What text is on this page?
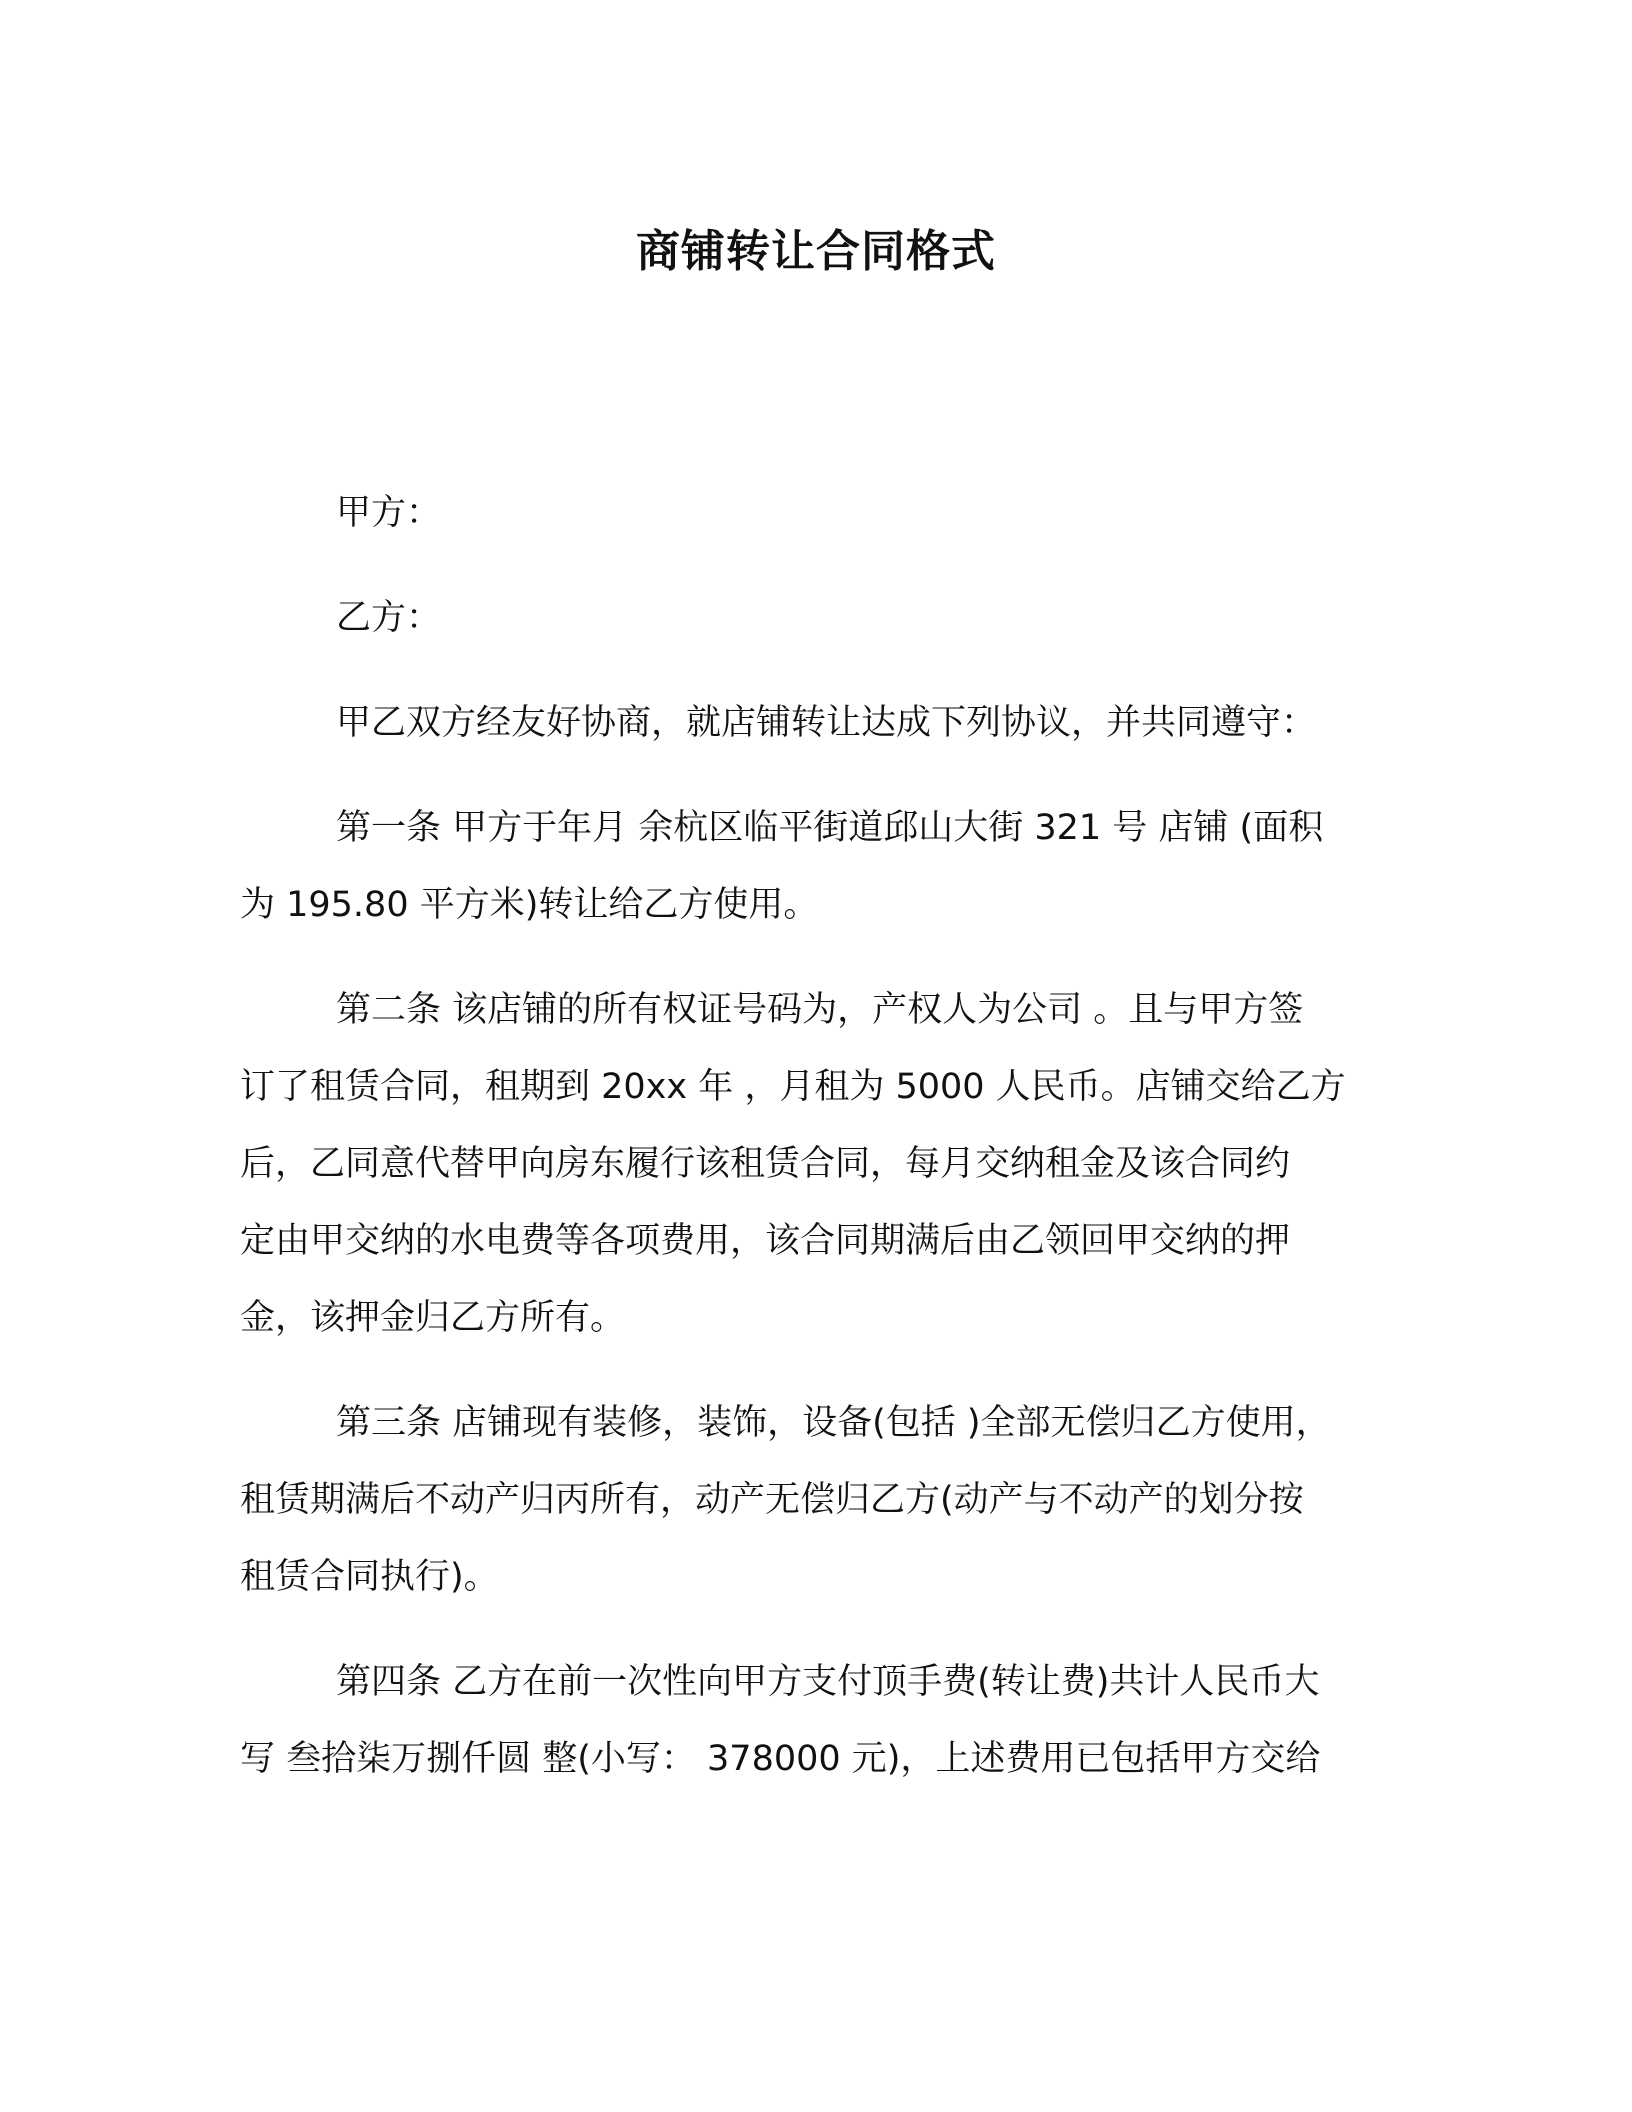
商铺转让合同格式

甲方：

乙方：

甲乙双方经友好协商，就店铺转让达成下列协议，并共同遵守：

第一条 甲方于年月 余杭区临平街道邱山大街 321 号 店铺 (面积

为 195.80 平方米)转让给乙方使用。

第二条 该店铺的所有权证号码为，产权人为公司 。且与甲方签

订了租赁合同，租期到 20xx 年 ，月租为 5000 人民币。店铺交给乙方

后，乙同意代替甲向房东履行该租赁合同，每月交纳租金及该合同约

定由甲交纳的水电费等各项费用，该合同期满后由乙领回甲交纳的押

金，该押金归乙方所有。

第三条 店铺现有装修，装饰，设备(包括 )全部无偿归乙方使用，

租赁期满后不动产归丙所有，动产无偿归乙方(动产与不动产的划分按

租赁合同执行)。

第四条 乙方在前一次性向甲方支付顶手费(转让费)共计人民币大

写 叁拾柒万捌仟圆 整(小写： 378000 元)，上述费用已包括甲方交给
